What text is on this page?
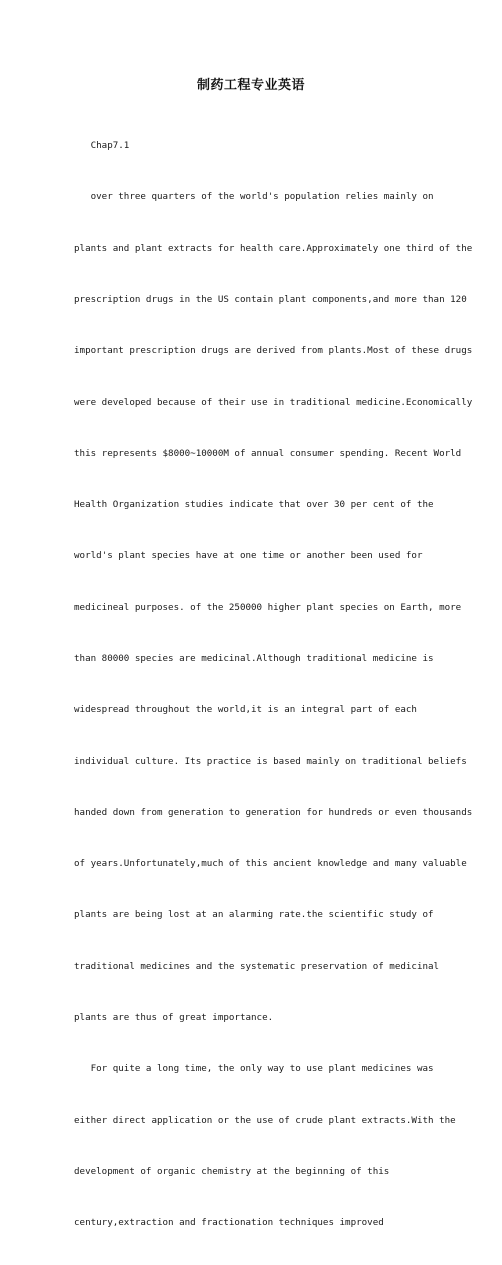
制药工程专业英语

Chap7.1

over three quarters of the world's population relies mainly on

plants and plant extracts for health care.Approximately one third of the

prescription drugs in the US contain plant components,and more than 120

important prescription drugs are derived from plants.Most of these drugs

were developed because of their use in traditional medicine.Economically

this represents $8000~10000M of annual consumer spending. Recent World

Health Organization studies indicate that over 30 per cent of the

world's plant species have at one time or another been used for

medicineal purposes. of the 250000 higher plant species on Earth, more

than 80000 species are medicinal.Although traditional medicine is

widespread throughout the world,it is an integral part of each

individual culture. Its practice is based mainly on traditional beliefs

handed down from generation to generation for hundreds or even thousands

of years.Unfortunately,much of this ancient knowledge and many valuable

plants are being lost at an alarming rate.the scientific study of

traditional medicines and the systematic preservation of medicinal

plants are thus of great importance.

For quite a long time, the only way to use plant medicines was

either direct application or the use of crude plant extracts.With the

development of organic chemistry at the beginning of this

century,extraction and fractionation techniques improved
